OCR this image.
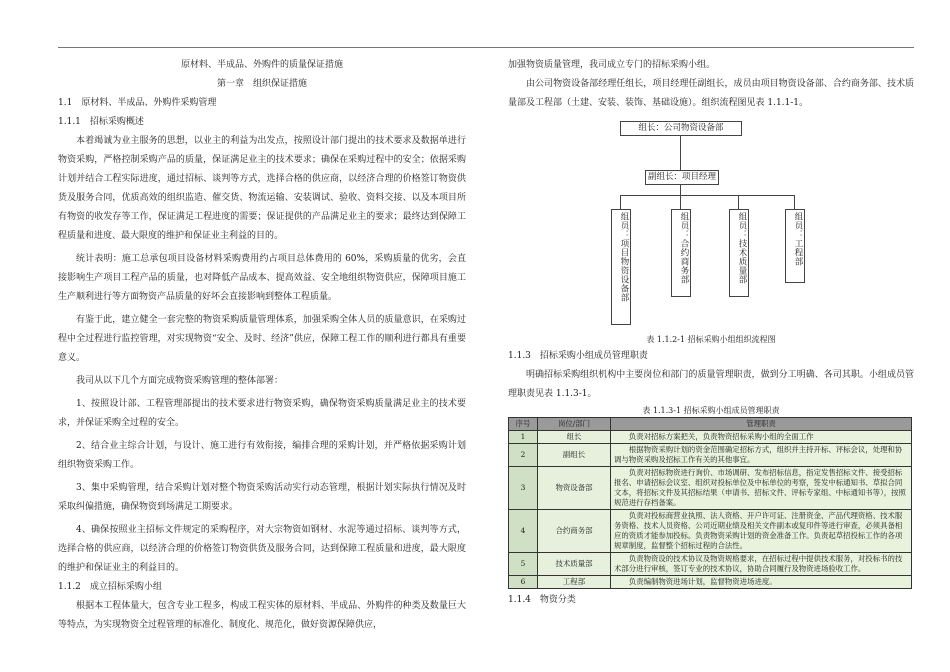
原材料、半成品、外购件的质量保证措施

第一章　组织保证措施

1.1　原材料、半成品、外购件采购管理

1.1.1　招标采购概述

本着竭诚为业主服务的思想，以业主的利益为出发点，按照设计部门提出的技术要求及数据单进行物资采购，严格控制采购产品的质量，保证满足业主的技术要求；确保在采购过程中的安全；依据采购计划并结合工程实际进度，通过招标、谈判等方式，选择合格的供应商，以经济合理的价格签订物资供货及服务合同，优质高效的组织监造、催交货、物流运输、安装调试、验收、资料交接、以及本项目所有物资的收发存等工作，保证满足工程进度的需要；保证提供的产品满足业主的要求；最终达到保障工程质量和进度、最大限度的维护和保证业主利益的目的。

统计表明：施工总承包项目设备材料采购费用约占项目总体费用的 60%，采购质量的优劣，会直接影响生产项目工程产品的质量，也对降低产品成本、提高效益、安全地组织物资供应，保障项目施工生产顺利进行等方面物资产品质量的好坏会直接影响到整体工程质量。

有鉴于此，建立健全一套完整的物资采购质量管理体系，加强采购全体人员的质量意识，在采购过程中全过程进行监控管理，对实现物资“安全、及时、经济”供应，保障工程工作的顺利进行都具有重要意义。

我司从以下几个方面完成物资采购管理的整体部署：

1、按照设计部、工程管理部提出的技术要求进行物资采购，确保物资采购质量满足业主的技术要求，并保证采购全过程的安全。

2、结合业主综合计划，与设计、施工进行有效衔接，编排合理的采购计划，并严格依据采购计划组织物资采购工作。

3、集中采购管理，结合采购计划对整个物资采购活动实行动态管理，根据计划实际执行情况及时采取纠偏措施，确保物资到场满足工期要求。

4、确保按照业主招标文件规定的采购程序，对大宗物资如钢材、水泥等通过招标、谈判等方式，选择合格的供应商，以经济合理的价格签订物资供货及服务合同，达到保障工程质量和进度，最大限度的维护和保证业主的利益目的。

1.1.2　成立招标采购小组

根据本工程体量大，包含专业工程多，构成工程实体的原材料、半成品、外购件的种类及数量巨大等特点，为实现物资全过程管理的标准化、制度化、规范化，做好资源保障供应，

加强物资质量管理，我司成立专门的招标采购小组。

由公司物资设备部经理任组长，项目经理任副组长，成员由项目物资设备部、合约商务部、技术质量部及工程部（土建、安装、装饰、基础设施）。组织流程图见表 1.1.1-1。

组长：公司物资设备部
副组长：项目经理
组员：项目物资设备部	组员：合约商务部	组员：技术质量部	组员：工程部
表 1.1.2-1 招标采购小组组织流程图

1.1.3　招标采购小组成员管理职责

明确招标采购组织机构中主要岗位和部门的质量管理职责，做到分工明确、各司其职。小组成员管理职责见表 1.1.3-1。

表 1.1.3-1 招标采购小组成员管理职责
序号	岗位/部门	管理职责
1	组长	负责对招标方案把关，负责物资招标采购小组的全面工作
2	副组长	根据物资采购计划的资金范围确定招标方式，组织并主持开标、评标会议，处理和协调与物资采购及招标工作有关的其他事宜。
3	物资设备部	负责对招标物资进行询价、市场调研、发布招标信息，指定发售招标文件、接受招标报名、申请招标会议室、组织对投标单位及中标单位的考察，签发中标通知书、草拟合同文本，将招标文件及其招标结果（申请书、招标文件、评标专家组、中标通知书等），按照规范进行存档备案。
4	合约商务部	负责对投标商营业执照、法人资格、开户许可证、注册资金、产品代理资格、技术服务资格、技术人员资格、公司近期业绩及相关文件副本或复印件等进行审查，必须具备相应的资质才能参加投标。负责物资采购计划的资金准备工作。负责起草招投标工作的各项规章制度，监督整个招标过程的合法性。
5	技术质量部	负责物资设的技术协议及物资规格要求，在招标过程中提供技术服务，对投标书的技术部分进行审核，签订专业的技术协议，协助合同履行及物资进场验收工作。
6	工程部	负责编制物资进场计划，监督物资进场进度。

1.1.4　物资分类
